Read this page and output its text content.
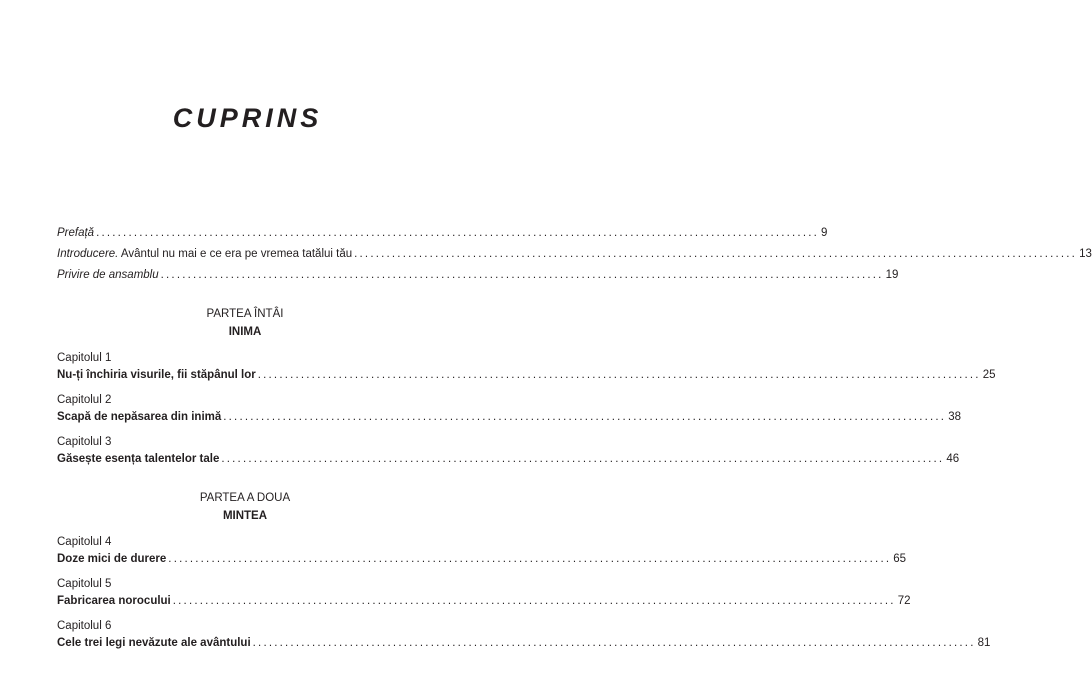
CUPRINS
Prefață ...................................................................................................................................... 9
Introducere. Avântul nu mai e ce era pe vremea tatălui tău ...................................................................................................................................... 13
Privire de ansamblu ...................................................................................................................................... 19
PARTEA ÎNTÂI
INIMA
Capitolul 1
Nu-ți închiria visurile, fii stăpânul lor ...................................................................................................................................... 25
Capitolul 2
Scapă de nepăsarea din inimă ...................................................................................................................................... 38
Capitolul 3
Găsește esența talentelor tale ...................................................................................................................................... 46
PARTEA A DOUA
MINTEA
Capitolul 4
Doze mici de durere ...................................................................................................................................... 65
Capitolul 5
Fabricarea norocului ...................................................................................................................................... 72
Capitolul 6
Cele trei legi nevăzute ale avântului ...................................................................................................................................... 81
